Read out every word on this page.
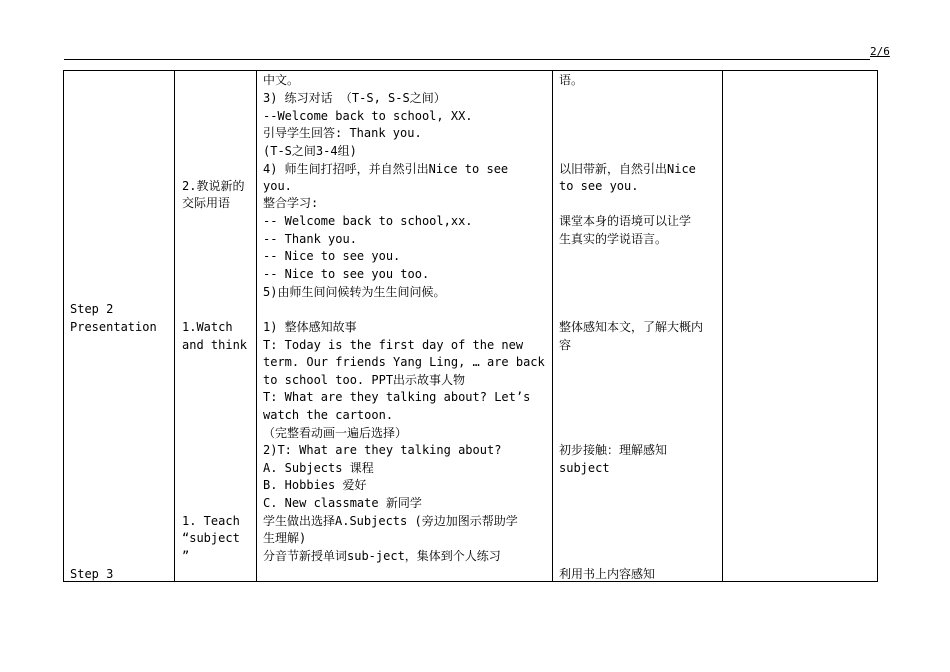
2/6
Step 2
Presentation
Step 3
2.教说新的
交际用语
1.Watch
and think
1. Teach
“subject
”
中文。
3) 练习对话 （T-S, S-S之间）
--Welcome back to school, XX.
引导学生回答: Thank you.
(T-S之间3-4组)
4) 师生间打招呼，并自然引出Nice to see
you.
整合学习:
-- Welcome back to school,xx.
-- Thank you.
-- Nice to see you.
-- Nice to see you too.
5)由师生间问候转为生生间问候。
1) 整体感知故事
T: Today is the first day of the new
term. Our friends Yang Ling, … are back
to school too. PPT出示故事人物
T: What are they talking about? Let’s
watch the cartoon.
（完整看动画一遍后选择）
2)T: What are they talking about?
A. Subjects 课程
B. Hobbies 爱好
C. New classmate 新同学
学生做出选择A.Subjects (旁边加图示帮助学
生理解)
分音节新授单词sub-ject，集体到个人练习
语。
以旧带新，自然引出Nice
to see you.
课堂本身的语境可以让学
生真实的学说语言。
整体感知本文，了解大概内
容
初步接触：理解感知
subject
利用书上内容感知
